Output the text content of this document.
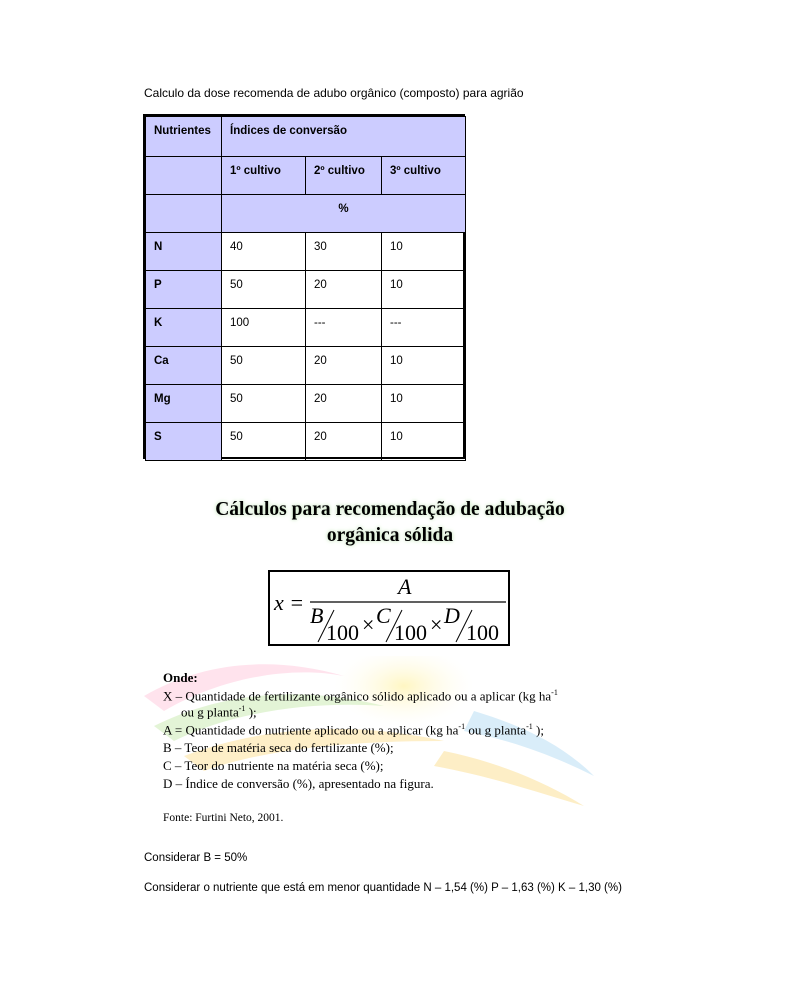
Calculo da dose recomenda de adubo orgânico (composto) para agrião
Nutrientes	Índices de conversão		
	1º cultivo	2º cultivo	3º cultivo
	%		
N	40	30	10
P	50	20	10
K	100	---	---
Ca	50	20	10
Mg	50	20	10
S	50	20	10
Cálculos para recomendação de adubação
orgânica sólida
x =
A
B
100 × C
100 × D
100
Onde:
X – Quantidade de fertilizante orgânico sólido aplicado ou a aplicar (kg $ha^{-1}$
ou g planta$^{-1}$ );
A = Quantidade do nutriente aplicado ou a aplicar (kg $ha^{-1}$ ou g planta$^{-1}$ );
B – Teor de matéria seca do fertilizante (%);
C – Teor do nutriente na matéria seca (%);
D – Índice de conversão (%), apresentado na figura.
Fonte: Furtini Neto, 2001.
Considerar B = 50%
Considerar o nutriente que está em menor quantidade N – 1,54 (%) P – 1,63 (%) K – 1,30 (%)
